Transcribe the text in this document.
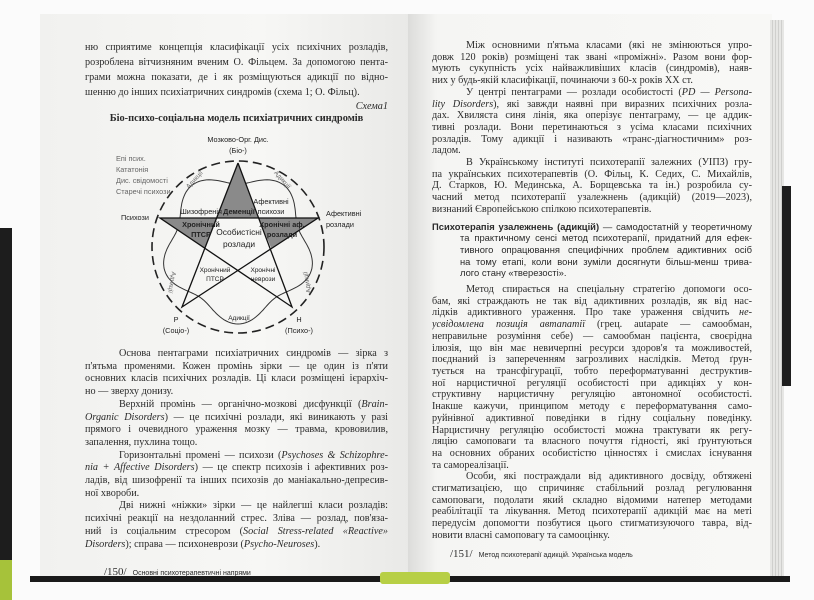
ню сприятиме концепція класифікації усіх психічних розладів,
розроблена вітчизняним вченим О. Фільцем. За допомогою пента-
грами можна показати, де і як розміщуються адикції по відно-
шенню до інших психіатричних синдромів (схема 1; О. Фільц).
Схема1
Біо-психо-соціальна модель психіатричних синдромів
Мозково-Орг. Дис.
(Біо-)
Епі псих.
Кататонія
Дис. свідомості
Старечі психози
Психози	Афективні
розлади
Шизофренія Деменції
Афективні
психози
Хронічний
ПТСР Особистісні
розлади
Хронічні аф.
розлади
Хронічний
ПТСР
Хронічні
неврози
Адикції
Адикції	Адикції
Адикції	Адикції
Р
(Соціо-)
Н
(Психо-)
Основа пентаграми психіатричних синдромів — зірка з
п'ятьма променями. Кожен промінь зірки — це один із п'яти
основних класів психічних розладів. Ці класи розміщені ієрархіч-
но — зверху донизу.
Верхній промінь — органічно-мозкові дисфункції (Brain-
Organic Disorders) — це психічні розлади, які виникають у разі
прямого і очевидного ураження мозку — травма, крововилив,
запалення, пухлина тощо.
Горизонтальні промені — психози (Psychoses & Schizophre-
nia + Affective Disorders) — це спектр психозів і афективних роз-
ладів, від шизофренії та інших психозів до маніакально-депресив-
ної хвороби.
Дві нижні «ніжки» зірки — це найлегші класи розладів:
психічні реакції на нездоланний стрес. Зліва — розлад, пов'яза-
ний із соціальним стресором (Social Stress-related «Reactive»
Disorders); справа — психоневрози (Psycho-Neuroses).
/150/ Основні психотерапевтичні напрями
Між основними п'ятьма класами (які не змінюються упро-
довж 120 років) розміщені так звані «проміжні». Разом вони фор-
мують сукупність усіх найважливіших класів (синдромів), наяв-
них у будь-якій класифікації, починаючи з 60-х років XX ст.
У центрі пентаграми — розлади особистості (PD — Persona-
lity Disorders), які завжди наявні при виразних психічних розла-
дах. Хвиляста синя лінія, яка оперізує пентаграму, — це аддик-
тивні розлади. Вони перетинаються з усіма класами психічних
розладів. Тому адикції і називають «транс-діагностичним» роз-
ладом.
В Українському інституті психотерапії залежних (УІПЗ) гру-
па українських психотерапевтів (О. Фільц, К. Седих, С. Михайлів,
Д. Старков, Ю. Мединська, А. Борщевська та ін.) розробила су-
часний метод психотерапії узалежнень (адикцій) (2019—2023),
визнаний Європейською спілкою психотерапевтів.
Психотерапія узалежнень (адикцій) — самодостатній у теоретичному
та практичному сенсі метод психотерапії, придатний для ефек-
тивного опрацювання специфічних проблем адиктивних осіб
на тому етапі, коли вони зуміли досягнути більш-менш трива-
лого стану «тверезості».
Метод спирається на спеціальну стратегію допомоги осо-
бам, які страждають не так від адиктивних розладів, як від нас-
лідків адиктивного ураження. Про таке ураження свідчить не-
усвідомлена позиція автапатії (грец. autapate — самообман,
неправильне розуміння себе) — самообман пацієнта, своєрідна
ілюзія, що він має невичерпні ресурси здоров'я та можливостей,
поєднаний із запереченням загрозливих наслідків. Метод ґрун-
тується на трансфігурації, тобто переформатуванні деструктив-
ної нарцистичної регуляції особистості при адикціях у кон-
структивну нарцистичну регуляцію автономної особистості.
Інакше кажучи, принципом методу є переформатування само-
руйнівної адиктивної поведінки в гідну соціальну поведінку.
Нарцистичну регуляцію особистості можна трактувати як регу-
ляцію самоповаги та власного почуття гідності, які ґрунтуються
на основних обраних особистістю цінностях і смислах існування
та самореалізації.
Особи, які постраждали від адиктивного досвіду, обтяжені
стигматизацією, що спричиняє стабільний розлад регулювання
самоповаги, подолати який складно відомими натепер методами
реабілітації та лікування. Метод психотерапії адикцій має на меті
передусім допомогти позбутися цього стигматизуючого тавра, від-
новити власні самоповагу та самооцінку.
/151/ Метод психотерапії адикцій. Українська модель
